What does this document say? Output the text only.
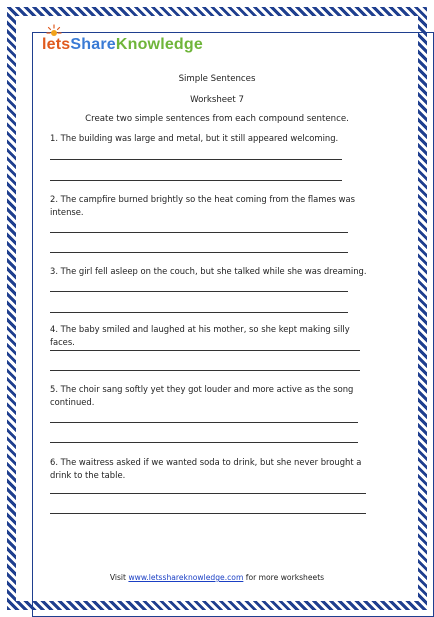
lets Share Knowledge
Simple Sentences
Worksheet 7
Create two simple sentences from each compound sentence.
1. The building was large and metal, but it still appeared welcoming.
2. The campfire burned brightly so the heat coming from the flames was intense.
3. The girl fell asleep on the couch, but she talked while she was dreaming.
4. The baby smiled and laughed at his mother, so she kept making silly faces.
5. The choir sang softly yet they got louder and more active as the song continued.
6. The waitress asked if we wanted soda to drink, but she never brought a drink to the table.
Visit www.letsshareknowledge.com for more worksheets
